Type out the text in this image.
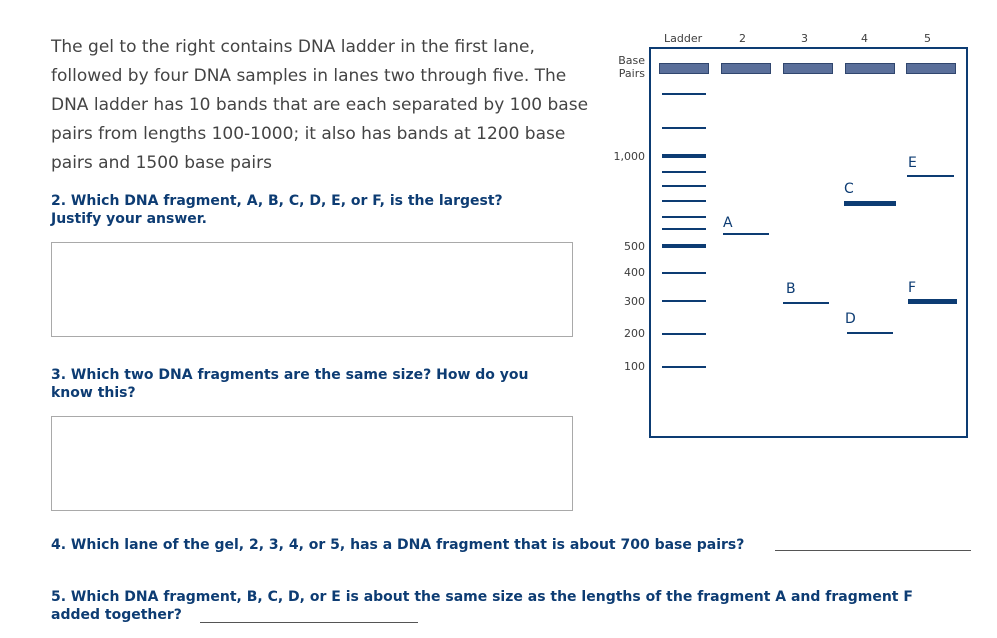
The gel to the right contains DNA ladder in the first lane, followed by four DNA samples in lanes two through five. The DNA ladder has 10 bands that are each separated by 100 base pairs from lengths 100-1000; it also has bands at 1200 base pairs and 1500 base pairs
2. Which DNA fragment, A, B, C, D, E, or F, is the largest? Justify your answer.
3. Which two DNA fragments are the same size? How do you know this?
4. Which lane of the gel, 2, 3, 4, or 5, has a DNA fragment that is about 700 base pairs?
5. Which DNA fragment, B, C, D, or E is about the same size as the lengths of the fragment A and fragment F
added together?
Ladder	2	3	4	5
Base
Pairs
1,000
500
400
300
200
100
A
B
C
D
E
F
